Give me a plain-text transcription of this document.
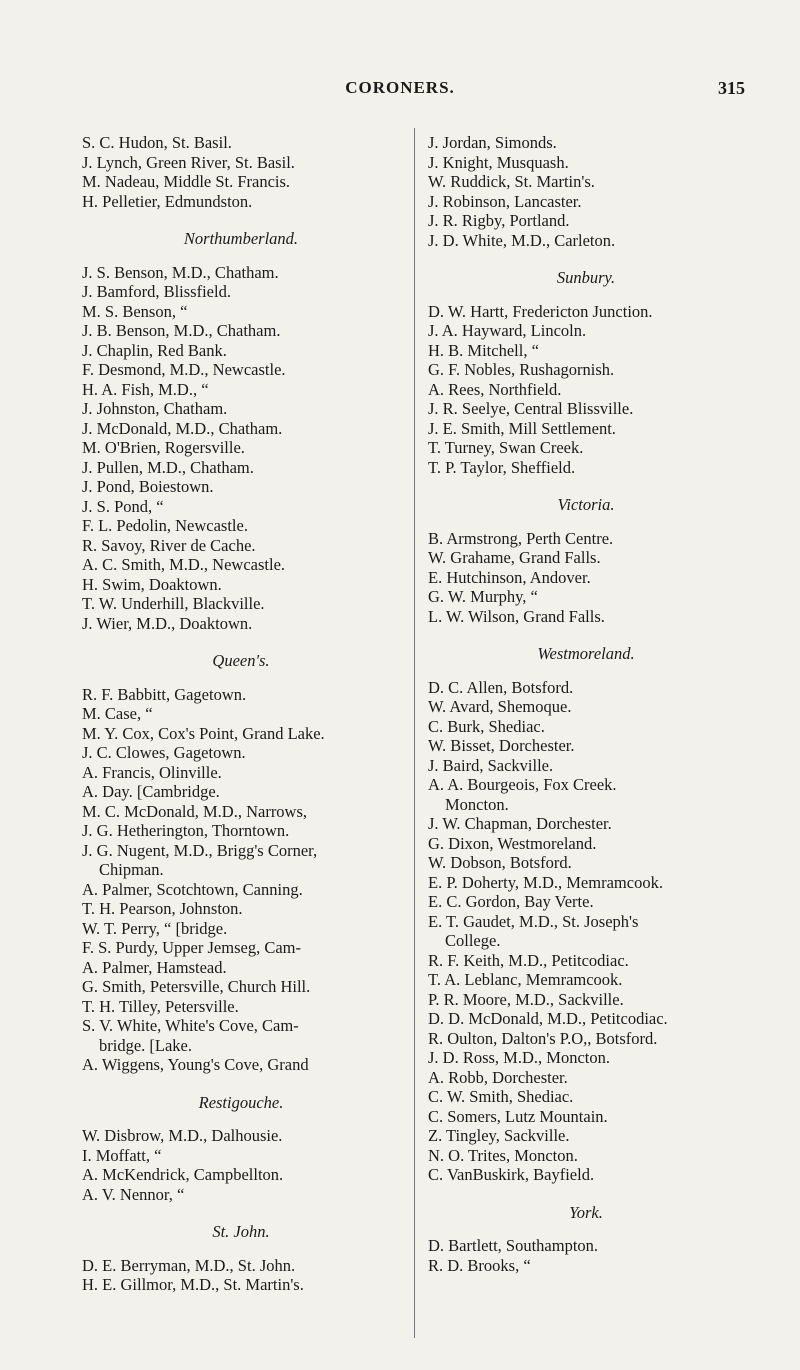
CORONERS.	315
S. C. Hudon, St. Basil.
J. Lynch, Green River, St. Basil.
M. Nadeau, Middle St. Francis.
H. Pelletier, Edmundston.
Northumberland.
J. S. Benson, M.D., Chatham.
J. Bamford, Blissfield.
M. S. Benson, “
J. B. Benson, M.D., Chatham.
J. Chaplin, Red Bank.
F. Desmond, M.D., Newcastle.
H. A. Fish, M.D., “
J. Johnston, Chatham.
J. McDonald, M.D., Chatham.
M. O'Brien, Rogersville.
J. Pullen, M.D., Chatham.
J. Pond, Boiestown.
J. S. Pond, “
F. L. Pedolin, Newcastle.
R. Savoy, River de Cache.
A. C. Smith, M.D., Newcastle.
H. Swim, Doaktown.
T. W. Underhill, Blackville.
J. Wier, M.D., Doaktown.
Queen's.
R. F. Babbitt, Gagetown.
M. Case, “
M. Y. Cox, Cox's Point, Grand Lake.
J. C. Clowes, Gagetown.
A. Francis, Olinville.
A. Day. [Cambridge.
M. C. McDonald, M.D., Narrows,
J. G. Hetherington, Thorntown.
J. G. Nugent, M.D., Brigg's Corner,
Chipman.
A. Palmer, Scotchtown, Canning.
T. H. Pearson, Johnston.
W. T. Perry, “ [bridge.
F. S. Purdy, Upper Jemseg, Cam-
A. Palmer, Hamstead.
G. Smith, Petersville, Church Hill.
T. H. Tilley, Petersville.
S. V. White, White's Cove, Cam-
bridge. [Lake.
A. Wiggens, Young's Cove, Grand
Restigouche.
W. Disbrow, M.D., Dalhousie.
I. Moffatt, “
A. McKendrick, Campbellton.
A. V. Nennor, “
St. John.
D. E. Berryman, M.D., St. John.
H. E. Gillmor, M.D., St. Martin's.
J. Jordan, Simonds.
J. Knight, Musquash.
W. Ruddick, St. Martin's.
J. Robinson, Lancaster.
J. R. Rigby, Portland.
J. D. White, M.D., Carleton.
Sunbury.
D. W. Hartt, Fredericton Junction.
J. A. Hayward, Lincoln.
H. B. Mitchell, “
G. F. Nobles, Rushagornish.
A. Rees, Northfield.
J. R. Seelye, Central Blissville.
J. E. Smith, Mill Settlement.
T. Turney, Swan Creek.
T. P. Taylor, Sheffield.
Victoria.
B. Armstrong, Perth Centre.
W. Grahame, Grand Falls.
E. Hutchinson, Andover.
G. W. Murphy, “
L. W. Wilson, Grand Falls.
Westmoreland.
D. C. Allen, Botsford.
W. Avard, Shemoque.
C. Burk, Shediac.
W. Bisset, Dorchester.
J. Baird, Sackville.
A. A. Bourgeois, Fox Creek.
Moncton.
J. W. Chapman, Dorchester.
G. Dixon, Westmoreland.
W. Dobson, Botsford.
E. P. Doherty, M.D., Memramcook.
E. C. Gordon, Bay Verte.
E. T. Gaudet, M.D., St. Joseph's
College.
R. F. Keith, M.D., Petitcodiac.
T. A. Leblanc, Memramcook.
P. R. Moore, M.D., Sackville.
D. D. McDonald, M.D., Petitcodiac.
R. Oulton, Dalton's P.O,, Botsford.
J. D. Ross, M.D., Moncton.
A. Robb, Dorchester.
C. W. Smith, Shediac.
C. Somers, Lutz Mountain.
Z. Tingley, Sackville.
N. O. Trites, Moncton.
C. VanBuskirk, Bayfield.
York.
D. Bartlett, Southampton.
R. D. Brooks, “
